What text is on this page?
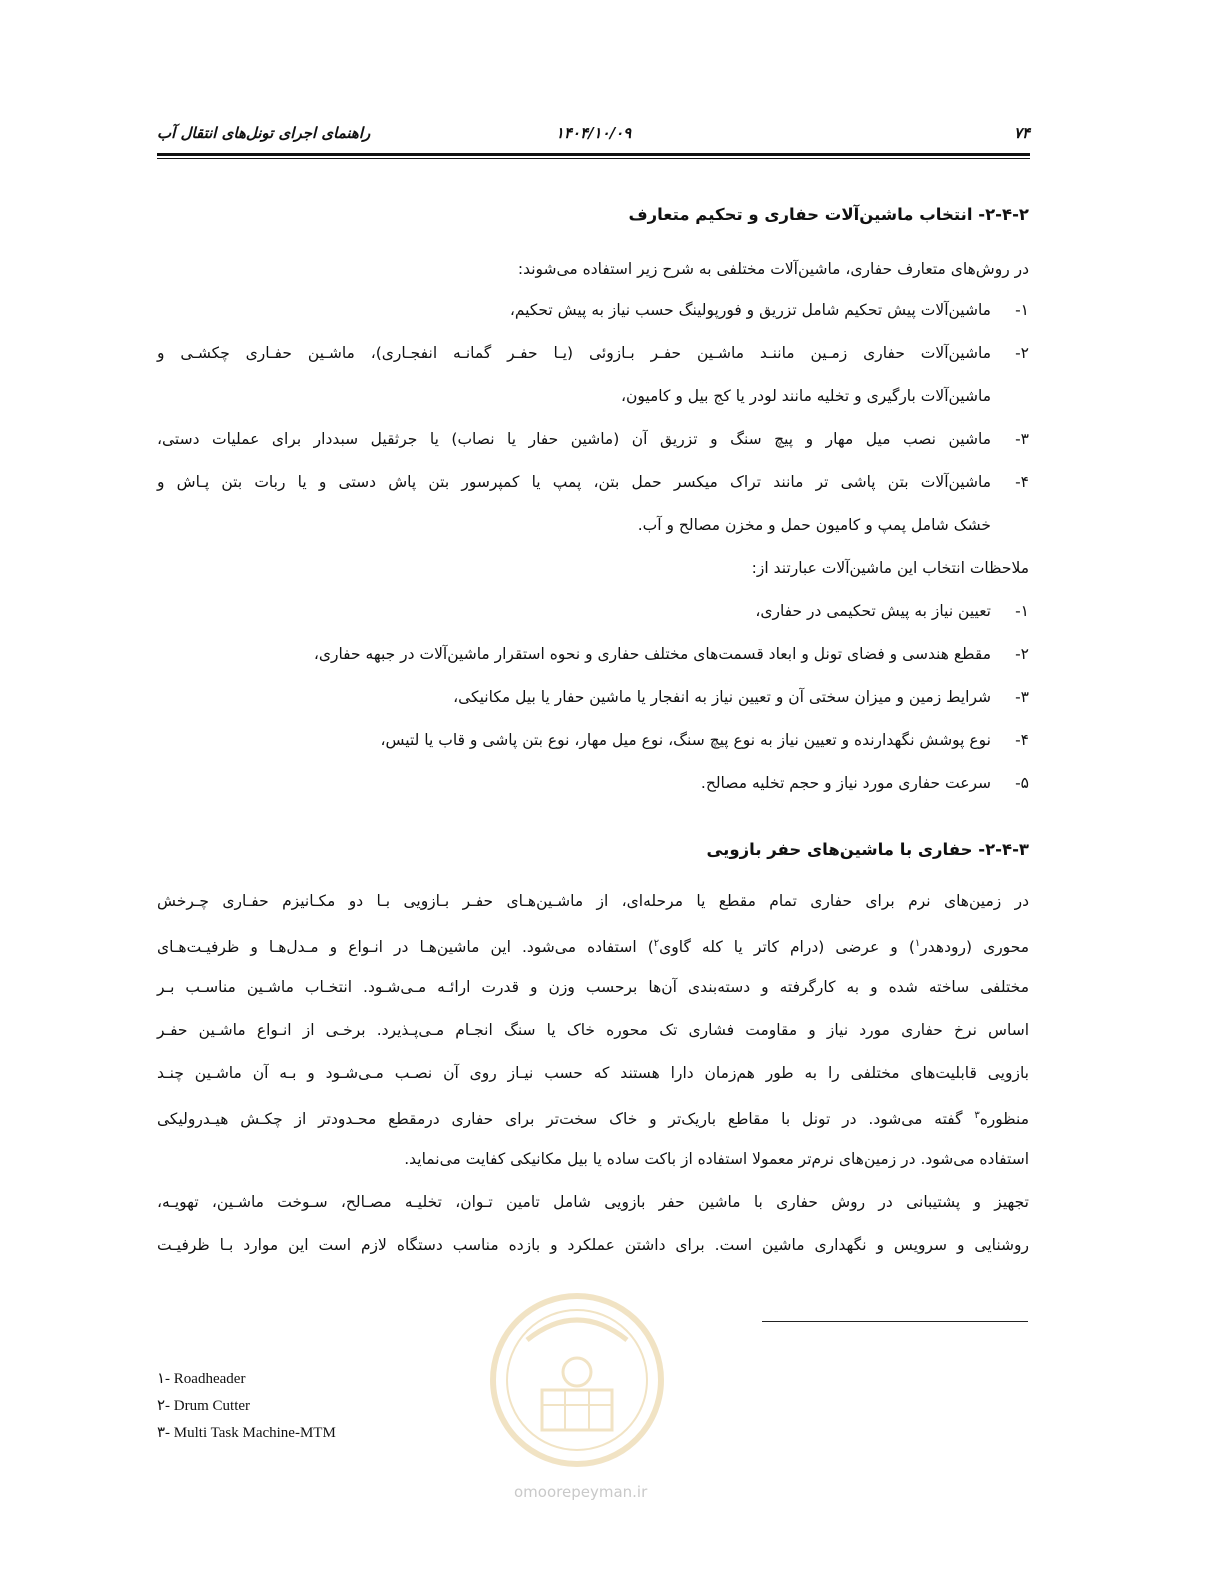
۷۴
۱۴۰۴/۱۰/۰۹
راهنمای اجرای تونل‌های انتقال آب
۲-۴-۲- انتخاب ماشین‌آلات حفاری و تحکیم متعارف
در روش‌های متعارف حفاری، ماشین‌آلات مختلفی به شرح زیر استفاده می‌شوند:
۱-ماشین‌آلات پیش تحکیم شامل تزریق و فورپولینگ حسب نیاز به پیش تحکیم،
۲-
ماشین‌آلات حفاری زمـین ماننـد ماشـین حفـر بـازوئی (یـا حفـر گمانـه انفجـاری)، ماشـین حفـاری چکشـی و
ماشین‌آلات بارگیری و تخلیه مانند لودر یا کج بیل و کامیون،
۳-
ماشین نصب میل مهار و پیچ سنگ و تزریق آن (ماشین حفار یا نصاب) یا جرثقیل سبددار برای عملیات دستی،
۴-
ماشین‌آلات بتن پاشی تر مانند تراک میکسر حمل بتن، پمپ یا کمپرسور بتن پاش دستی و یا ربات بتن پـاش و
خشک شامل پمپ و کامیون حمل و مخزن مصالح و آب.
ملاحظات انتخاب این ماشین‌آلات عبارتند از:
۱-تعیین نیاز به پیش تحکیمی در حفاری،
۲-مقطع هندسی و فضای تونل و ابعاد قسمت‌های مختلف حفاری و نحوه استقرار ماشین‌آلات در جبهه حفاری،
۳-شرایط زمین و میزان سختی آن و تعیین نیاز به انفجار یا ماشین حفار یا بیل مکانیکی،
۴-نوع پوشش نگهدارنده و تعیین نیاز به نوع پیچ سنگ، نوع میل مهار، نوع بتن پاشی و قاب یا لتیس،
۵-سرعت حفاری مورد نیاز و حجم تخلیه مصالح.
۲-۴-۳- حفاری با ماشین‌های حفر بازویی
در زمین‌های نرم برای حفاری تمام مقطع یا مرحله‌ای، از ماشـین‌هـای حفـر بـازویی بـا دو مکـانیزم حفـاری چـرخش
محوری (رودهدر$^۱$) و عرضی (درام کاتر یا کله گاوی$^۲$) استفاده می‌شود. این ماشین‌هـا در انـواع و مـدل‌هـا و ظرفیـت‌هـای
مختلفی ساخته شده و به کارگرفته و دسته‌بندی آن‌ها برحسب وزن و قدرت ارائـه مـی‌شـود. انتخـاب ماشـین مناسـب بـر
اساس نرخ حفاری مورد نیاز و مقاومت فشاری تک محوره خاک یا سنگ انجـام مـی‌پـذیرد. برخـی از انـواع ماشـین حفـر
بازویی قابلیت‌های مختلفی را به طور هم‌زمان دارا هستند که حسب نیـاز روی آن نصـب مـی‌شـود و بـه آن ماشـین چنـد
منظوره$^۳$ گفته می‌شود. در تونل با مقاطع باریک‌تر و خاک سخت‌تر برای حفاری درمقطع محـدودتر از چکـش هیـدرولیکی
استفاده می‌شود. در زمین‌های نرم‌تر معمولا استفاده از باکت ساده یا بیل مکانیکی کفایت می‌نماید.
تجهیز و پشتیبانی در روش حفاری با ماشین حفر بازویی شامل تامین تـوان، تخلیـه مصـالح، سـوخت ماشـین، تهویـه،
روشنایی و سرویس و نگهداری ماشین است. برای داشتن عملکرد و بازده مناسب دستگاه لازم است این موارد بـا ظرفیـت
omoorepeyman.ir
۱- Roadheader
۲- Drum Cutter
۳- Multi Task Machine-MTM
